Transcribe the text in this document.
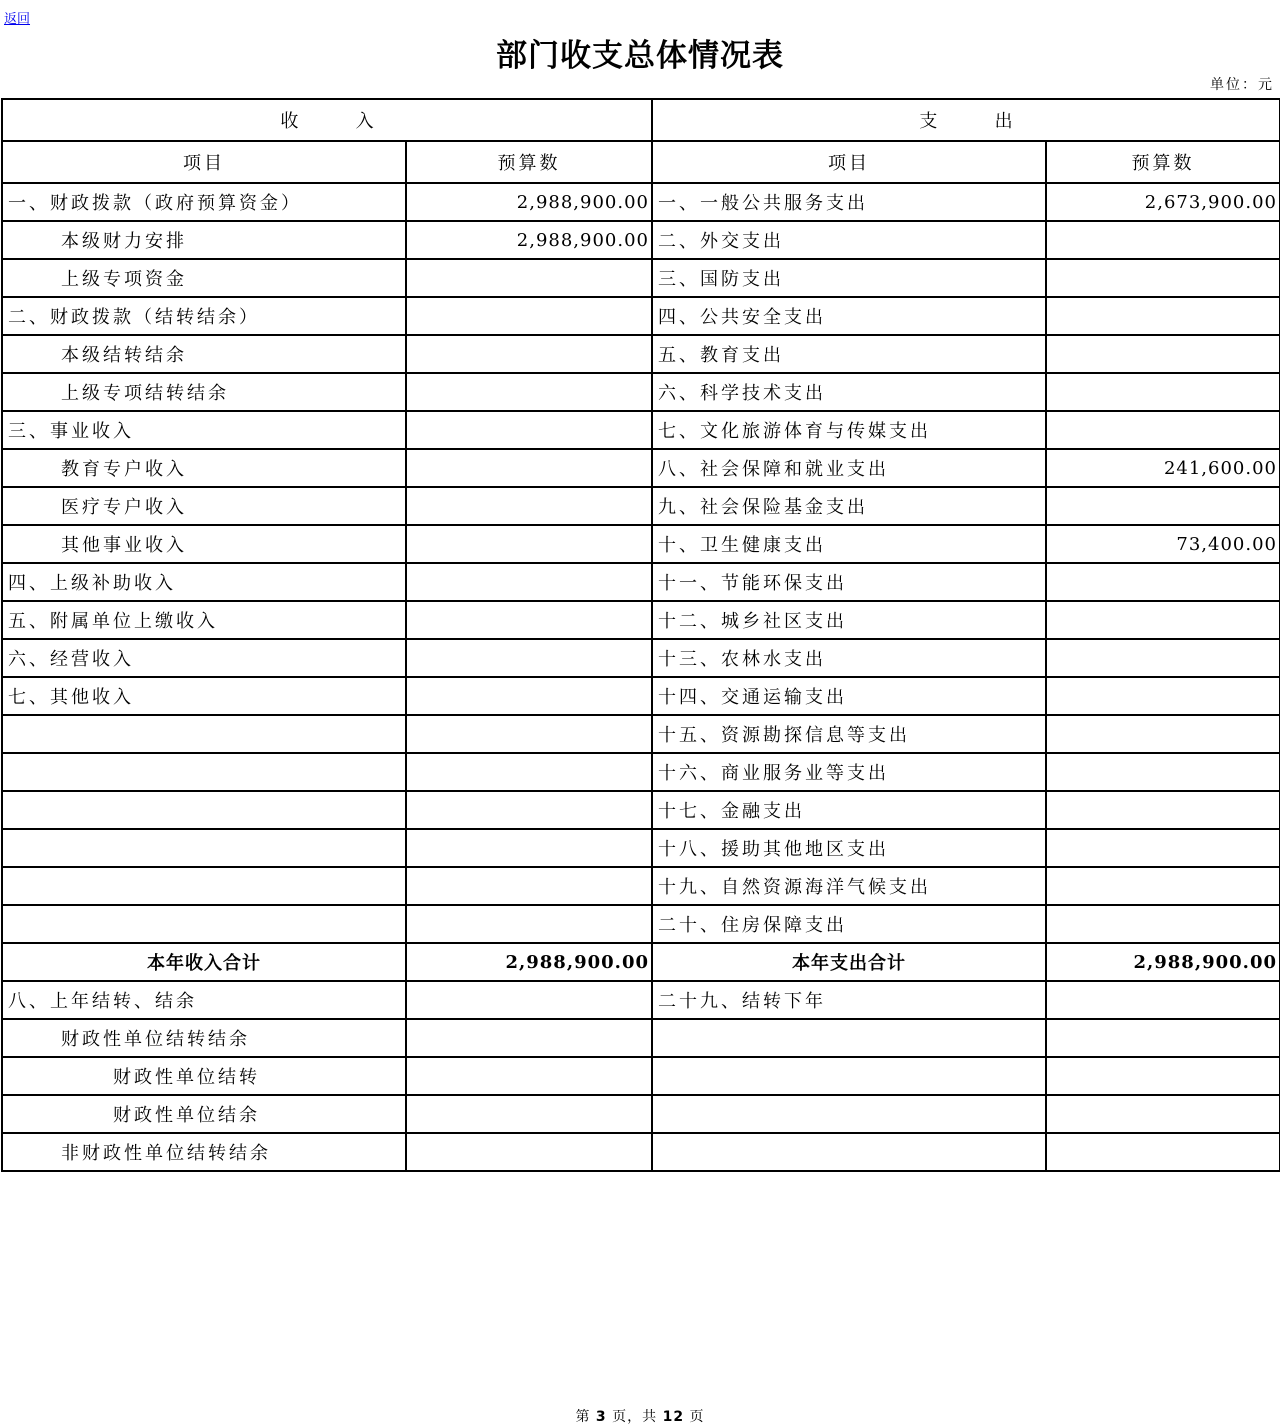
返回
部门收支总体情况表
单位：元
收          入		支          出	
项目	预算数	项目	预算数
一、财政拨款（政府预算资金）	2,988,900.00	一、一般公共服务支出	2,673,900.00
本级财力安排	2,988,900.00	二、外交支出	
上级专项资金		三、国防支出	
二、财政拨款（结转结余）		四、公共安全支出	
本级结转结余		五、教育支出	
上级专项结转结余		六、科学技术支出	
三、事业收入		七、文化旅游体育与传媒支出	
教育专户收入		八、社会保障和就业支出	241,600.00
医疗专户收入		九、社会保险基金支出	
其他事业收入		十、卫生健康支出	73,400.00
四、上级补助收入		十一、节能环保支出	
五、附属单位上缴收入		十二、城乡社区支出	
六、经营收入		十三、农林水支出	
七、其他收入		十四、交通运输支出	
		十五、资源勘探信息等支出	
		十六、商业服务业等支出	
		十七、金融支出	
		十八、援助其他地区支出	
		十九、自然资源海洋气候支出	
		二十、住房保障支出	
本年收入合计	2,988,900.00	本年支出合计	2,988,900.00
八、上年结转、结余		二十九、结转下年	
财政性单位结转结余			
财政性单位结转			
财政性单位结余			
非财政性单位结转结余			
第 3 页，共 12 页
